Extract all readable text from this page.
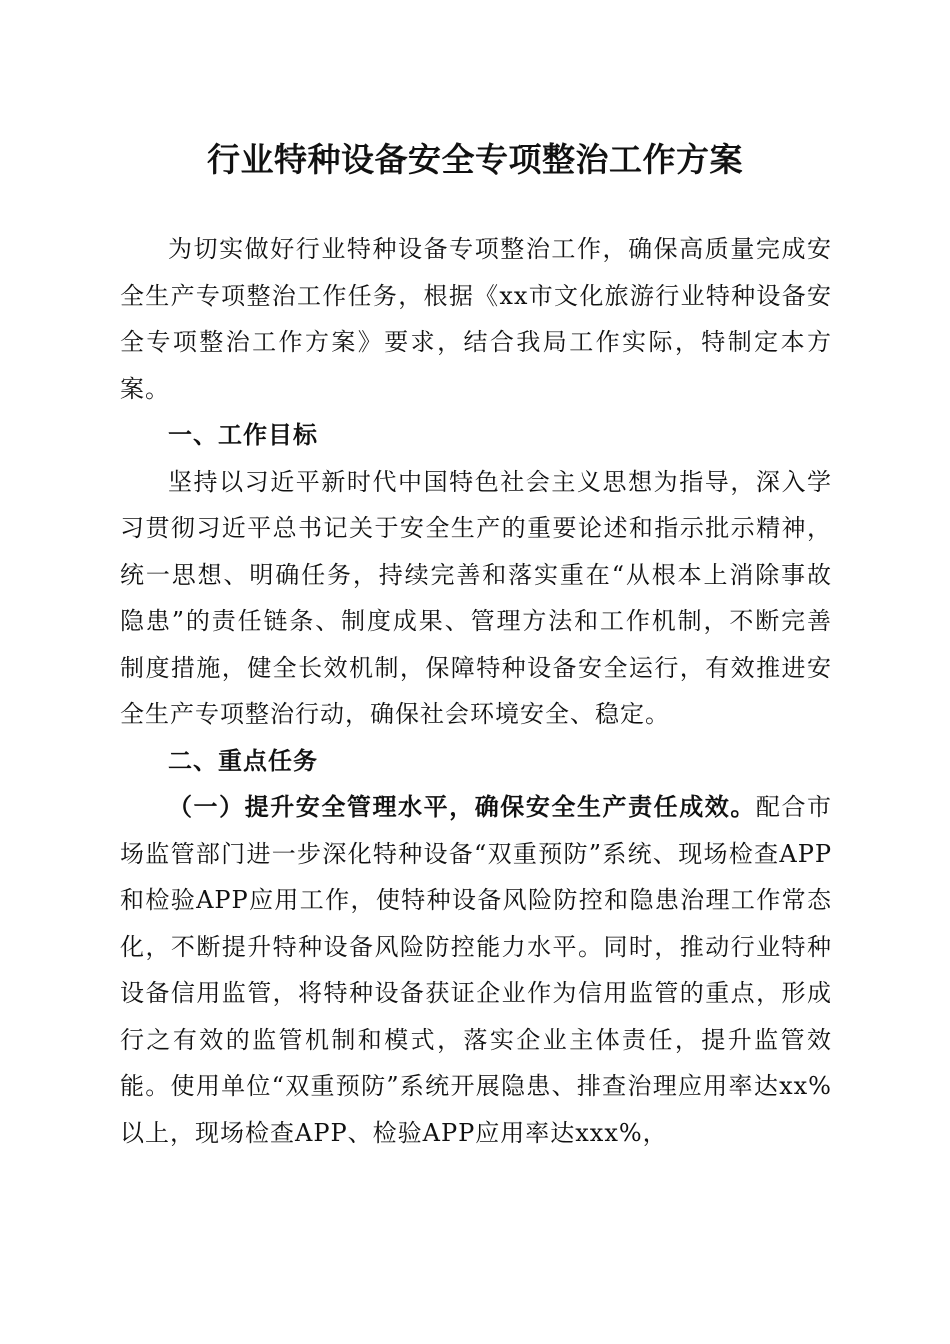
行业特种设备安全专项整治工作方案

为切实做好行业特种设备专项整治工作，确保高质量完成安全生产专项整治工作任务，根据《xx市文化旅游行业特种设备安全专项整治工作方案》要求，结合我局工作实际，特制定本方案。

一、工作目标

坚持以习近平新时代中国特色社会主义思想为指导，深入学习贯彻习近平总书记关于安全生产的重要论述和指示批示精神，统一思想、明确任务，持续完善和落实重在“从根本上消除事故隐患”的责任链条、制度成果、管理方法和工作机制，不断完善制度措施，健全长效机制，保障特种设备安全运行，有效推进安全生产专项整治行动，确保社会环境安全、稳定。

二、重点任务

（一）提升安全管理水平，确保安全生产责任成效。配合市场监管部门进一步深化特种设备“双重预防”系统、现场检查APP和检验APP应用工作，使特种设备风险防控和隐患治理工作常态化，不断提升特种设备风险防控能力水平。同时，推动行业特种设备信用监管，将特种设备获证企业作为信用监管的重点，形成行之有效的监管机制和模式，落实企业主体责任，提升监管效能。使用单位“双重预防”系统开展隐患、排查治理应用率达xx%以上，现场检查APP、检验APP应用率达xxx%，
